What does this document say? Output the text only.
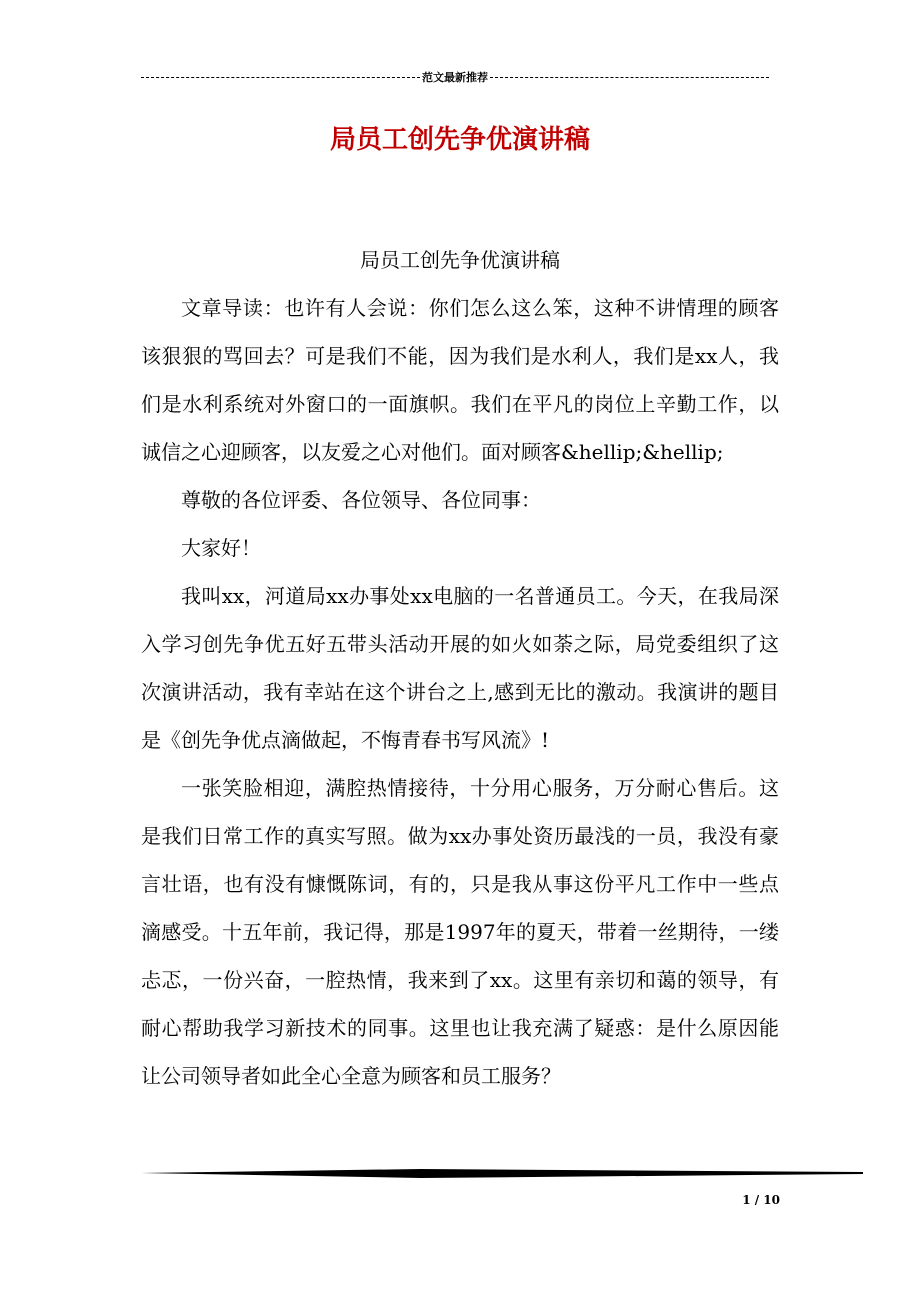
范文最新推荐
局员工创先争优演讲稿

局员工创先争优演讲稿

文章导读：也许有人会说：你们怎么这么笨，这种不讲情理的顾客该狠狠的骂回去？可是我们不能，因为我们是水利人，我们是xx人，我们是水利系统对外窗口的一面旗帜。我们在平凡的岗位上辛勤工作，以诚信之心迎顾客，以友爱之心对他们。面对顾客&hellip;&hellip;

尊敬的各位评委、各位领导、各位同事：

大家好！

我叫xx，河道局xx办事处xx电脑的一名普通员工。今天，在我局深入学习创先争优五好五带头活动开展的如火如荼之际，局党委组织了这次演讲活动，我有幸站在这个讲台之上,感到无比的激动。我演讲的题目是《创先争优点滴做起，不悔青春书写风流》!

一张笑脸相迎，满腔热情接待，十分用心服务，万分耐心售后。这是我们日常工作的真实写照。做为xx办事处资历最浅的一员，我没有豪言壮语，也有没有慷慨陈词，有的，只是我从事这份平凡工作中一些点滴感受。十五年前，我记得，那是1997年的夏天，带着一丝期待，一缕忐忑，一份兴奋，一腔热情，我来到了xx。这里有亲切和蔼的领导，有耐心帮助我学习新技术的同事。这里也让我充满了疑惑：是什么原因能让公司领导者如此全心全意为顾客和员工服务？

1 / 10
